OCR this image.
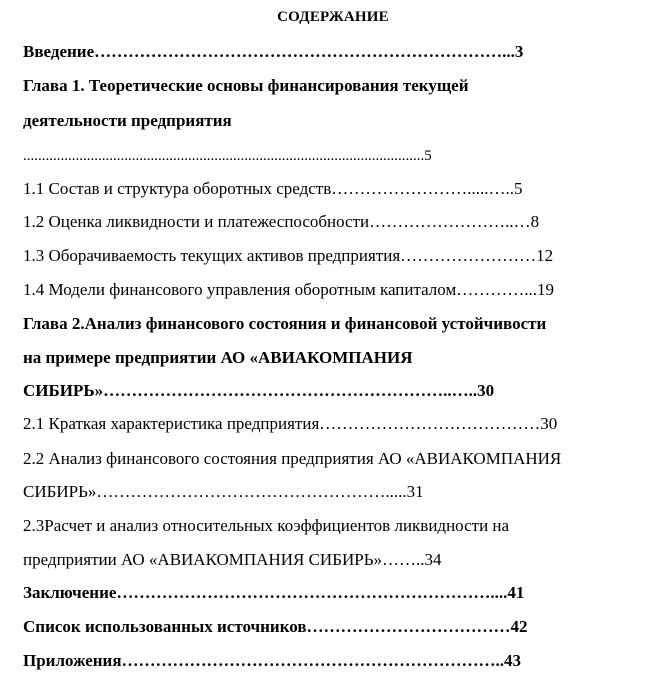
СОДЕРЖАНИЕ
Введение………………………………………………………………...3
Глава 1. Теоретические основы финансирования текущей
деятельности предприятия
...........................................................................................................5
1.1 Состав и структура оборотных средств…………………….....…..5
1.2 Оценка ликвидности и платежеспособности……………………..…8
1.3 Оборачиваемость текущих активов предприятия……………………12
1.4 Модели финансового управления оборотным капиталом…………...19
Глава 2.Анализ финансового состояния и финансовой устойчивости
на примере предприятии АО «АВИАКОМПАНИЯ
СИБИРЬ»……………………………………………………..…..30
2.1 Краткая характеристика предприятия…………………………………30
2.2 Анализ финансового состояния предприятия АО «АВИАКОМПАНИЯ
СИБИРЬ»…………………………………………….....31
2.3Расчет и анализ относительных коэффициентов ликвидности на
предприятии АО «АВИАКОМПАНИЯ СИБИРЬ»……..34
Заключение…………………………………………………………....41
Список использованных источников………………………………42
Приложения…………………………………………………………..43
